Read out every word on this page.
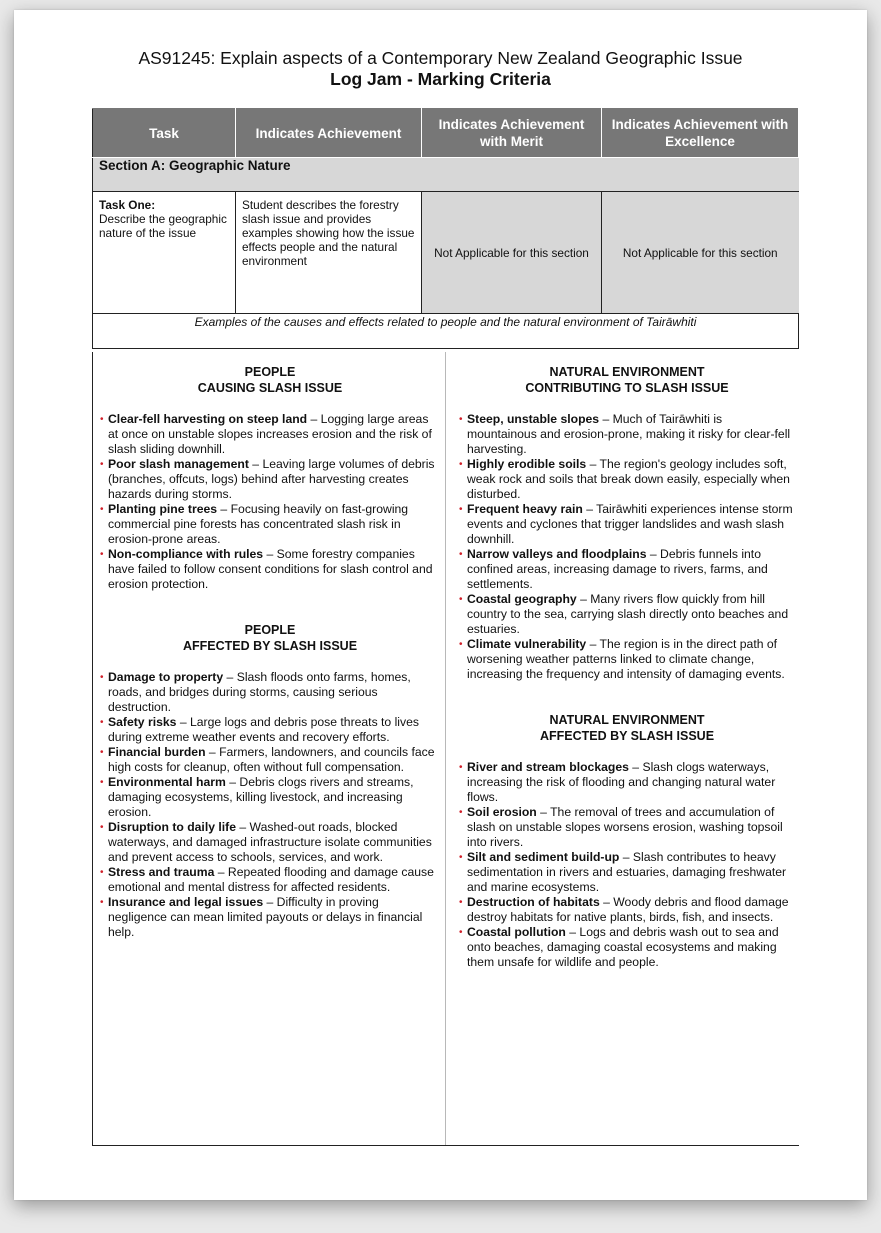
AS91245: Explain aspects of a Contemporary New Zealand Geographic Issue
Log Jam - Marking Criteria
Task	Indicates Achievement	Indicates Achievement with Merit	Indicates Achievement with Excellence
Section A: Geographic Nature			
Task One:
Describe the geographic nature of the issue	Student describes the forestry slash issue and provides examples showing how the issue effects people and the natural environment	Not Applicable for this section	Not Applicable for this section
Examples of the causes and effects related to people and the natural environment of Tairāwhiti			
PEOPLE
CAUSING SLASH ISSUE
• Clear-fell harvesting on steep land – Logging large areas at once on unstable slopes increases erosion and the risk of slash sliding downhill.
• Poor slash management – Leaving large volumes of debris (branches, offcuts, logs) behind after harvesting creates hazards during storms.
• Planting pine trees – Focusing heavily on fast-growing commercial pine forests has concentrated slash risk in erosion-prone areas.
• Non-compliance with rules – Some forestry companies have failed to follow consent conditions for slash control and erosion protection.
PEOPLE
AFFECTED BY SLASH ISSUE
• Damage to property – Slash floods onto farms, homes, roads, and bridges during storms, causing serious destruction.
• Safety risks – Large logs and debris pose threats to lives during extreme weather events and recovery efforts.
• Financial burden – Farmers, landowners, and councils face high costs for cleanup, often without full compensation.
• Environmental harm – Debris clogs rivers and streams, damaging ecosystems, killing livestock, and increasing erosion.
• Disruption to daily life – Washed-out roads, blocked waterways, and damaged infrastructure isolate communities and prevent access to schools, services, and work.
• Stress and trauma – Repeated flooding and damage cause emotional and mental distress for affected residents.
• Insurance and legal issues – Difficulty in proving negligence can mean limited payouts or delays in financial help.
NATURAL ENVIRONMENT
CONTRIBUTING TO SLASH ISSUE
• Steep, unstable slopes – Much of Tairāwhiti is mountainous and erosion-prone, making it risky for clear-fell harvesting.
• Highly erodible soils – The region's geology includes soft, weak rock and soils that break down easily, especially when disturbed.
• Frequent heavy rain – Tairāwhiti experiences intense storm events and cyclones that trigger landslides and wash slash downhill.
• Narrow valleys and floodplains – Debris funnels into confined areas, increasing damage to rivers, farms, and settlements.
• Coastal geography – Many rivers flow quickly from hill country to the sea, carrying slash directly onto beaches and estuaries.
• Climate vulnerability – The region is in the direct path of worsening weather patterns linked to climate change, increasing the frequency and intensity of damaging events.
NATURAL ENVIRONMENT
AFFECTED BY SLASH ISSUE
• River and stream blockages – Slash clogs waterways, increasing the risk of flooding and changing natural water flows.
• Soil erosion – The removal of trees and accumulation of slash on unstable slopes worsens erosion, washing topsoil into rivers.
• Silt and sediment build-up – Slash contributes to heavy sedimentation in rivers and estuaries, damaging freshwater and marine ecosystems.
• Destruction of habitats – Woody debris and flood damage destroy habitats for native plants, birds, fish, and insects.
• Coastal pollution – Logs and debris wash out to sea and onto beaches, damaging coastal ecosystems and making them unsafe for wildlife and people.
